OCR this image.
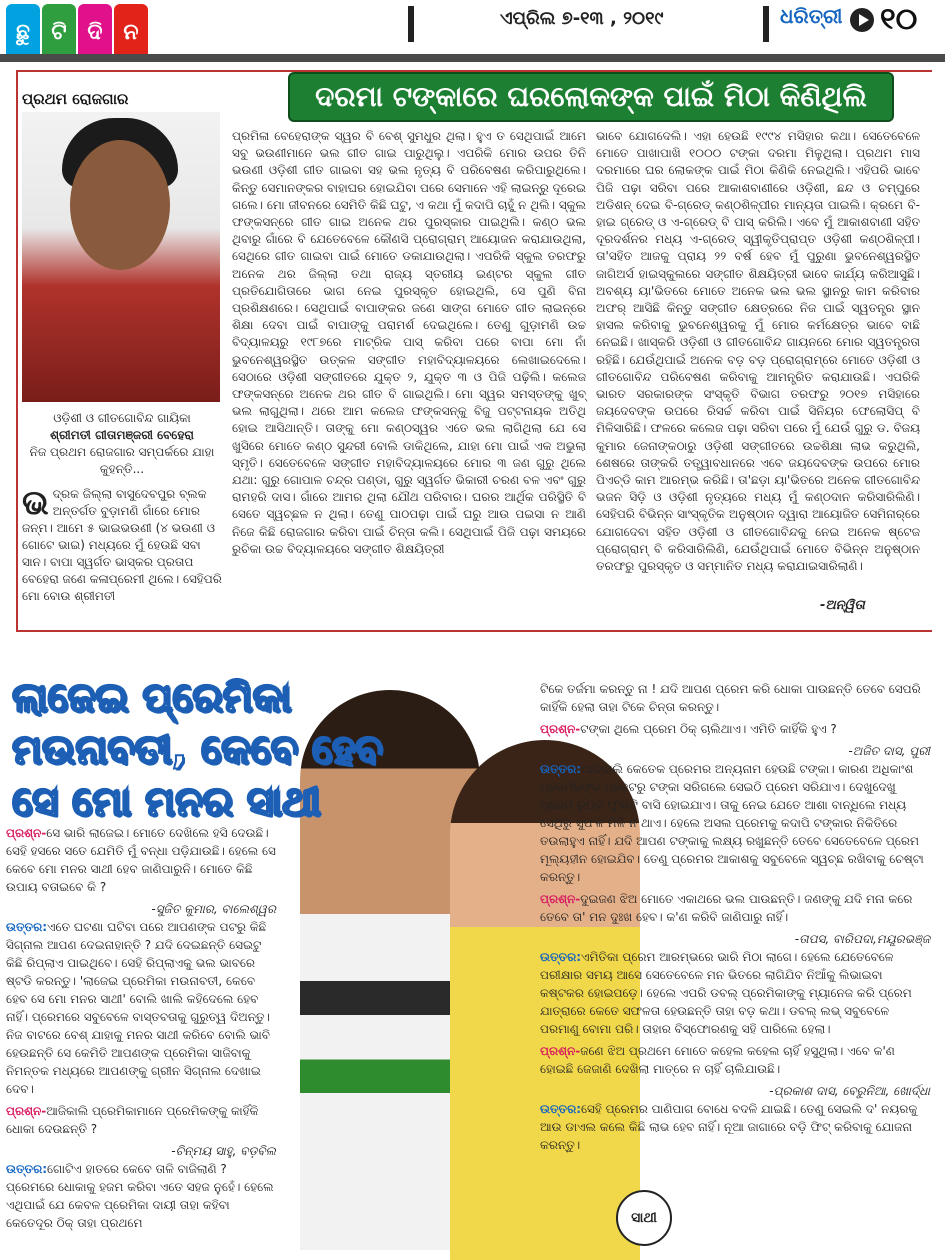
ଛୁ ଟି ଦି ନ
ଏପ୍ରିଲ ୭-୧୩ , ୨୦୧୯	ଧରିତ୍ରୀ ୧୦
ପ୍ରଥମ ରୋଜଗାର	ଦରମା ଟଙ୍କାରେ ଘରଲୋକଙ୍କ ପାଇଁ ମିଠା କିଣିଥିଲି

ଓଡ଼ିଶୀ ଓ ଗୀତଗୋବିନ୍ଦ ଗାୟିକା

ଶ୍ରୀମତୀ ଗୀତାମଞ୍ଜରୀ ବେହେରା

ନିଜ ପ୍ରଥମ ରୋଜଗାର ସମ୍ପର୍କରେ ଯାହା କୁହନ୍ତି...

ଭ ଦ୍ରକ ଜିଲ୍ଲା ବାସୁଦେବପୁର ବ୍ଲକ ଅନ୍ତର୍ଗତ ବୁଡ଼ାମଣି ଗାଁରେ ମୋର ଜନ୍ମ। ଆମେ ୫ ଭାଇଭଉଣୀ (୪ ଭଉଣୀ ଓ ଗୋଟେ ଭାଇ) ମଧ୍ୟରେ ମୁଁ ହେଉଛି ସବା ସାନ। ବାପା ସ୍ୱର୍ଗତ ଭାସ୍କର ପ୍ରତାପ ବେହେରା ଜଣେ କଳାପ୍ରେମୀ ଥିଲେ। ସେହିପରି ମୋ ବୋଉ ଶ୍ରୀମତୀ
ପ୍ରମିଳା ବେହେରାଙ୍କ ସ୍ୱର ବି ବେଶ୍ ସୁମଧୁର ଥିଲା। ହୁଏ ତ ସେଥିପାଇଁ ଆମେ ସବୁ ଭଉଣୀମାନେ ଭଲ ଗୀତ ଗାଇ ପାରୁଥିଲୁ। ଏପରିକି ମୋର ଉପର ତିନି ଭଉଣୀ ଓଡ଼ିଶୀ ଗୀତ ଗାଇବା ସହ ଭଲ ନୃତ୍ୟ ବି ପରିବେଷଣ କରିପାରୁଥିଲେ। କିନ୍ତୁ ସେମାନଙ୍କର ବାହାଘର ହୋଇଯିବା ପରେ ସେମାନେ ଏହି ଲାଇନ୍‌ରୁ ଦୂରେଇ ଗଲେ। ମୋ ଜୀବନରେ ସେମିତି କିଛି ଘଟୁ, ଏ କଥା ମୁଁ କଦାପି ଚାହୁଁ ନ ଥିଲି। ସ୍କୁଲ ଫଙ୍କସନ୍‌ରେ ଗୀତ ଗାଇ ଅନେକ ଥର ପୁରସ୍କାର ପାଇଥିଲି। କଣ୍ଠ ଭଲ ଥିବାରୁ ଗାଁରେ ବି ଯେତେବେଳେ କୌଣସି ପ୍ରୋଗ୍ରାମ୍ ଆୟୋଜନ କରାଯାଉଥିଲା, ସେଥିରେ ଗୀତ ଗାଇବା ପାଇଁ ମୋତେ ଡକାଯାଉଥିଲା। ଏପରିକି ସ୍କୁଲ ତରଫରୁ ଅନେକ ଥର ଜିଲ୍ଲା ତଥା ରାଜ୍ୟ ସ୍ତରୀୟ ଇଣ୍ଟର ସ୍କୁଲ ଗୀତ ପ୍ରତିଯୋଗିତାରେ ଭାଗ ନେଇ ପୁରସ୍କୃତ ହୋଇଥିଲି, ସେ ପୁଣି ବିନା ପ୍ରଶିକ୍ଷଣରେ। ସେଥିପାଇଁ ବାପାଙ୍କର ଜଣେ ସାଙ୍ଗ ମୋତେ ଗୀତ ଲାଇନ୍‌ରେ ଶିକ୍ଷା ଦେବା ପାଇଁ ବାପାଙ୍କୁ ପରାମର୍ଶ ଦେଇଥିଲେ। ତେଣୁ ଗୁଡ଼ାମଣି ଉଚ୍ଚ ବିଦ୍ୟାଳୟରୁ ୧୯୮୭ରେ ମାଟ୍ରିକ ପାସ୍ କରିବା ପରେ ବାପା ମୋ ନାଁ ଭୁବନେଶ୍ୱରସ୍ଥିତ ଉତ୍କଳ ସଙ୍ଗୀତ ମହାବିଦ୍ୟାଳୟରେ ଲେଖାଇଦେଲେ। ସେଠାରେ ଓଡ଼ିଶୀ ସଙ୍ଗୀତରେ ଯୁକ୍ତ ୨, ଯୁକ୍ତ ୩ ଓ ପିଜି ପଢ଼ିଲି। କଲେଜ ଫଙ୍କସନ୍‌ରେ ଅନେକ ଥର ଗୀତ ବି ଗାଇଥିଲି। ମୋ ସ୍ୱର ସମସ୍ତଙ୍କୁ ଖୁବ୍ ଭଲ ଲାଗୁଥିଲା। ଥରେ ଆମ କଲେଜ ଫଙ୍କସନ୍‌କୁ ବିଜୁ ପଟ୍ଟନାୟକ ଅତିଥି ହୋଇ ଆସିଥାନ୍ତି। ତାଙ୍କୁ ମୋ କଣ୍ଠସ୍ୱର ଏତେ ଭଲ ଲାଗିଥିଲା ଯେ ସେ ଖୁସିରେ ମୋତେ କଣ୍ଠ ସୁନ୍ଦରୀ ବୋଲି ଡାକିଥିଲେ, ଯାହା ମୋ ପାଇଁ ଏକ ଅଭୁଲା ସ୍ମୃତି। ସେତେବେଳେ ସଙ୍ଗୀତ ମହାବିଦ୍ୟାଳୟରେ ମୋର ୩ ଜଣ ଗୁରୁ ଥିଲେ ଯଥା: ଗୁରୁ ଗୋପାଳ ଚନ୍ଦ୍ର ପଣ୍ଡା, ଗୁରୁ ସ୍ୱର୍ଗତ ଭିକାରୀ ଚରଣ ବଳ ଏବଂ ଗୁରୁ ରାମହରି ଦାସ। ଗାଁରେ ଆମର ଥିଲା ଯୌଥ ପରିବାର। ଘରର ଆର୍ଥିକ ପରିସ୍ଥିତି ବି ସେତେ ସ୍ୱଚ୍ଛଳ ନ ଥିଲା। ତେଣୁ ପାଠପଢ଼ା ପାଇଁ ଘରୁ ଆଉ ପଇସା ନ ଆଣି ନିଜେ କିଛି ରୋଜଗାର କରିବା ପାଇଁ ଚିନ୍ତା କଲି। ସେଥିପାଇଁ ପିଜି ପଢ଼ା ସମୟରେ ରୁଚିକା ଉଚ୍ଚ ବିଦ୍ୟାଳୟରେ ସଙ୍ଗୀତ ଶିକ୍ଷୟିତ୍ରୀ
ଭାବେ ଯୋଗଦେଲି। ଏହା ହେଉଛି ୧୯୯୪ ମସିହାର କଥା। ସେତେବେଳେ ମୋତେ ପାଖାପାଖି ୧୦୦୦ ଟଙ୍କା ଦରମା ମିଳୁଥିଲା। ପ୍ରଥମ ମାସ ଦରମାରେ ଘର ଲୋକଙ୍କ ପାଇଁ ମିଠା କିଣିକି ନେଇଥିଲି। ଏହିପରି ଭାବେ ପିଜି ପଢ଼ା ସରିବା ପରେ ଆକାଶବାଣୀରେ ଓଡ଼ିଶୀ, ଛନ୍ଦ ଓ ଚମ୍ପୁରେ ଅଡିଶନ୍ ଦେଇ ବି-ଗ୍ରେଡ୍ କଣ୍ଠଶିଳ୍ପୀର ମାନ୍ୟତା ପାଇଲି। କ୍ରମେ ବି-ହାଇ ଗ୍ରେଡ୍ ଓ ଏ-ଗ୍ରେଡ୍ ବି ପାସ୍ କରିଲି। ଏବେ ମୁଁ ଆକାଶବାଣୀ ସହିତ ଦୂରଦର୍ଶନର ମଧ୍ୟ ଏ-ଗ୍ରେଡ୍ ସ୍ୱୀକୃତିପ୍ରାପ୍ତ ଓଡ଼ିଶୀ କଣ୍ଠଶିଳ୍ପୀ। ତା'ସହିତ ଆଜକୁ ପ୍ରାୟ ୨୨ ବର୍ଷ ହେବ ମୁଁ ପୁରୁଣା ଭୁବନେଶ୍ୱରସ୍ଥିତ ଜାଗିଅର୍ସ ହାଇସ୍କୁଲରେ ସଙ୍ଗୀତ ଶିକ୍ଷୟିତ୍ରୀ ଭାବେ କାର୍ଯ୍ୟ କରିଆସୁଛି। ଅବଶ୍ୟ ୟା'ଭିତରେ ମୋତେ ଅନେକ ଭଲ ଭଲ ସ୍ଥାନରୁ କାମ କରିବାର ଅଫର୍ ଆସିଛି କିନ୍ତୁ ସଙ୍ଗୀତ କ୍ଷେତ୍ରରେ ନିଜ ପାଇଁ ସ୍ୱତନ୍ତ୍ର ସ୍ଥାନ ହାସଲ କରିବାକୁ ଭୁବନେଶ୍ୱରକୁ ମୁଁ ମୋର କର୍ମକ୍ଷେତ୍ର ଭାବେ ବାଛି ନେଇଛି। ଖାସ୍‌କରି ଓଡ଼ିଶୀ ଓ ଗୀତଗୋବିନ୍ଦ ଗାୟନରେ ମୋର ସ୍ୱତନ୍ତ୍ରତା ରହିଛି। ଯେଉଁଥିପାଇଁ ଅନେକ ବଡ଼ ବଡ଼ ପ୍ରୋଗ୍ରାମ୍‌ରେ ମୋତେ ଓଡ଼ିଶୀ ଓ ଗୀତଗୋବିନ୍ଦ ପରିବେଷଣ କରିବାକୁ ଆମନ୍ତ୍ରିତ କରାଯାଉଛି। ଏପରିକି ଭାରତ ସରକାରଙ୍କ ସଂସ୍କୃତି ବିଭାଗ ତରଫରୁ ୨୦୧୭ ମସିହାରେ ଜୟଦେବଙ୍କ ଉପରେ ରିସର୍ଚ୍ଚ କରିବା ପାଇଁ ସିନିୟର ଫେଲୋସିପ୍ ବି ମିଳିସାରିଛି। ଫଳରେ କଲେଜ ପଢ଼ା ସରିବା ପରେ ମୁଁ ଯେଉଁ ଗୁରୁ ଡ. ବିଜୟ କୁମାର ଜେନାଙ୍କଠାରୁ ଓଡ଼ିଶୀ ସଙ୍ଗୀତରେ ଉଚ୍ଚଶିକ୍ଷା ଲାଭ କରୁଥିଲି, ଶେଷରେ ତାଙ୍କରି ତତ୍ତ୍ୱାବଧାନରେ ଏବେ ଜୟଦେବଙ୍କ ଉପରେ ମୋର ପିଏଚ୍‌ଡି କାମ ଆରମ୍ଭ କରିଛି। ତା'ଛଡ଼ା ୟା'ଭିତରେ ଅନେକ ଗୀତଗୋବିନ୍ଦ ଭଜନ ସିଡ଼ି ଓ ଓଡ଼ିଶୀ ନୃତ୍ୟରେ ମଧ୍ୟ ମୁଁ କଣ୍ଠଦାନ କରିସାରିଲିଣି। ସେହିପରି ବିଭିନ୍ନ ସାଂସ୍କୃତିକ ଅନୁଷ୍ଠାନ ଦ୍ୱାରା ଆୟୋଜିତ ସେମିନାର୍‌ରେ ଯୋଗଦେବା ସହିତ ଓଡ଼ିଶୀ ଓ ଗୀତଗୋବିନ୍ଦକୁ ନେଇ ଅନେକ ଷ୍ଟେଜ ପ୍ରୋଗ୍ରାମ୍ ବି କରିସାରିଲିଣି, ଯେଉଁଥିପାଇଁ ମୋତେ ବିଭିନ୍ନ ଅନୁଷ୍ଠାନ ତରଫରୁ ପୁରସ୍କୃତ ଓ ସମ୍ମାନିତ ମଧ୍ୟ କରାଯାଇସାରିଲାଣି।
-ଅନ୍ୱିତା
ଲାଜେଇ ପ୍ରେମିକା
ମଉନାବତୀ, କେବେ ହେବ
ସେ ମୋ ମନର ସାଥୀ

ପ୍ରଶ୍ନ-ସେ ଭାରି ଲାଜେଇ। ମୋତେ ଦେଖିଲେ ହସି ଦେଉଛି। ସେହି ହସରେ ସତେ ଯେମିତି ମୁଁ ବନ୍ଧା ପଡ଼ିଯାଉଛି। ହେଲେ ସେ କେବେ ମୋ ମନର ସାଥୀ ହେବ ଜାଣିପାରୁନି। ମୋତେ କିଛି ଉପାୟ ବତାଇବେ କି ?

-ସୁଜିତ କୁମାର, ବାଲେଶ୍ୱର

ଉତ୍ତର:ଏତେ ଘଟଣା ଘଟିବା ପରେ ଆପଣଙ୍କ ପଟରୁ କିଛି ସିଗ୍‌ନାଲ ଆପଣ ଦେଇନାହାନ୍ତି ? ଯଦି ଦେଇଛନ୍ତି ସେଇଟୁ କିଛି ରିପ୍ଲାଏ ପାଇଥିବେ। ସେହି ରିପ୍ଲାଏକୁ ଭଲ ଭାବରେ ଷ୍ଟଡି କରନ୍ତୁ। 'ଲାଜେଇ ପ୍ରେମିକା ମଉନାବତୀ, କେବେ ହେବ ସେ ମୋ ମନର ସାଥୀ' ବୋଲି ଖାଲି କହିଦେଲେ ହେବ ନାହିଁ। ପ୍ରେମରେ ସବୁବେଳେ ବାସ୍ତବତାକୁ ଗୁରୁତ୍ୱ ଦିଅନ୍ତୁ। ନିଜ ବାଟରେ ବେଶ୍ ଯାହାକୁ ମନର ସାଥୀ କରିବେ ବୋଲି ଭାବି ହେଉଛନ୍ତି ସେ କେମିତି ଆପଣଙ୍କ ପ୍ରେମିକା ସାଜିବାକୁ ନିମନ୍ତକ ମଧ୍ୟରେ ଆପଣଙ୍କୁ ଗ୍ରୀନ ସିଗ୍‌ନାଲ ଦେଖାଇ ଦେବ।

ପ୍ରଶ୍ନ-ଆଜିକାଲି ପ୍ରେମିକାମାନେ ପ୍ରେମିକଙ୍କୁ କାହିଁକି ଧୋକା ଦେଉଛନ୍ତି ?

-ଚିନ୍ମୟ ସାହୁ, ବଡ଼ବିଲ

ଉତ୍ତର:ଗୋଟିଏ ହାତରେ କେବେ ତାଳି ବାଜିଲାଣି ? ପ୍ରେମରେ ଧୋକାକୁ ହଜମ କରିବା ଏତେ ସହଜ ନୁହେଁ। ହେଲେ ଏଥିପାଇଁ ଯେ କେବଳ ପ୍ରେମିକା ଦାୟୀ ତାହା କହିବା କେତେଦୂର ଠିକ୍ ତାହା ପ୍ରଥମେ

ଟିକେ ତର୍ଜମା କରନ୍ତୁ ନା ! ଯଦି ଆପଣ ପ୍ରେମ କରି ଧୋକା ପାଉଛନ୍ତି ତେବେ ସେପରି କାହିଁକି ହେଲା ତାହା ଟିକେ ଚିନ୍ତା କରନ୍ତୁ।

ପ୍ରଶ୍ନ-ଟଙ୍କା ଥିଲେ ପ୍ରେମ ଠିକ୍ ଚାଲିଥାଏ। ଏମିତି କାହିଁକି ହୁଏ ?

-ଅଜିତ ଦାସ, ପୁରୀ

ଉତ୍ତର:ଆଜିକାଲି କେତେକ ପ୍ରେମର ଅନ୍ୟନାମ ହେଉଛି ଟଙ୍କା। କାରଣ ଅଧିକାଂଶ ପ୍ରେମିକଙ୍କ ପକେଟରୁ ଟଙ୍କା ସରିଗଲେ ସେଇଠି ପ୍ରେମ ସରିଯାଏ। ଦେଖୁଦେଖୁ ପ୍ରେମ ରୂପକ ଫୁଲଟି ବାସି ହୋଇଯାଏ। ତାକୁ ନେଇ ଯେତେ ଆଶା ବାନ୍ଧିଲେ ମଧ୍ୟ ସେଥିରୁ ସୁଫଳ ମିଳି ନ ଥାଏ। ହେଲେ ଅସଲ ପ୍ରେମକୁ କଦାପି ଟଙ୍କାର ନିକିତିରେ ତଉଲାହୁଏ ନାହିଁ। ଯଦି ଆପଣ ଟଙ୍କାକୁ ଲକ୍ଷ୍ୟ ରଖୁଛନ୍ତି ତେବେ ସେତେବେଳେ ପ୍ରେମ ମୂଲ୍ୟହୀନ ହୋଇଯିବ। ତେଣୁ ପ୍ରେମର ଆକାଶକୁ ସବୁବେଳେ ସ୍ୱଚ୍ଛ ରଖିବାକୁ ଚେଷ୍ଟା କରନ୍ତୁ।

ପ୍ରଶ୍ନ-ଦୁଇଜଣ ଝିଅ ମୋତେ ଏକାଥରେ ଭଲ ପାଉଛନ୍ତି। ଜଣଙ୍କୁ ଯଦି ମନା କରେ ତେବେ ତା' ମନ ଦୁଃଖ ହେବ। କ'ଣ କରିବି ଜାଣିପାରୁ ନାହିଁ।

-ତାପସ, ବାରିପଦା,ମୟୂରଭଞ୍ଜ

ଉତ୍ତର:ଏମିତିକା ପ୍ରେମ ଆରମ୍ଭରେ ଭାରି ମିଠା ଲାଗେ। ହେଲେ ଯେତେବେଳେ ପରୀକ୍ଷାର ସମୟ ଆସେ ସେତେବେଳେ ମନ ଭିତରେ ଲାଗିଯିବ ନିଆଁକୁ ଲିଭାଇବା କଷ୍ଟକର ହୋଇପଡ଼େ। ହେଲେ ଏପରି ଡବଲ୍ ପ୍ରେମିକାଙ୍କୁ ମ୍ୟାନେଜ କରି ପ୍ରେମ ଯାତ୍ରାରେ କେତେ ସଫଳତା ହେଉଛନ୍ତି ତାହା ବଡ଼ କଥା। ଡବଲ୍ ଲଭ୍ ସବୁବେଳେ ପରମାଣୁ ବୋମା ପରି। ତାହାର ବିସ୍ଫୋରଣକୁ ସହି ପାରିଲେ ହେଲା।

ପ୍ରଶ୍ନ-ଜଣେ ଝିଅ ପ୍ରଥମେ ମୋତେ କହେଲ କହେଲ ଚାହିଁ ହସୁଥିଲା। ଏବେ କ'ଣ ହୋଇଛି ଜେଜାଣି ଦେଖିଲା ମାତ୍ରେ ନ ଚାହିଁ ଚାଲିଯାଉଛି।

-ପ୍ରକାଶ ଦାସ, ବେରୁନିଆ, ଖୋର୍ଦ୍ଧା

ଉତ୍ତର:ସେହି ପ୍ରେମର ପାଣିପାଗ ବୋଧେ ବଦଳି ଯାଇଛି। ତେଣୁ ସେଇଲି ଦ' ନୟରକୁ ଆଉ ଡାଏଲ କଲେ କିଛି ଲାଭ ହେବ ନାହିଁ। ନୂଆ ଜାଗାରେ ବଡ଼ି ଫିଟ୍ କରିବାକୁ ଯୋଜନା କରନ୍ତୁ।

ସାଥୀ
